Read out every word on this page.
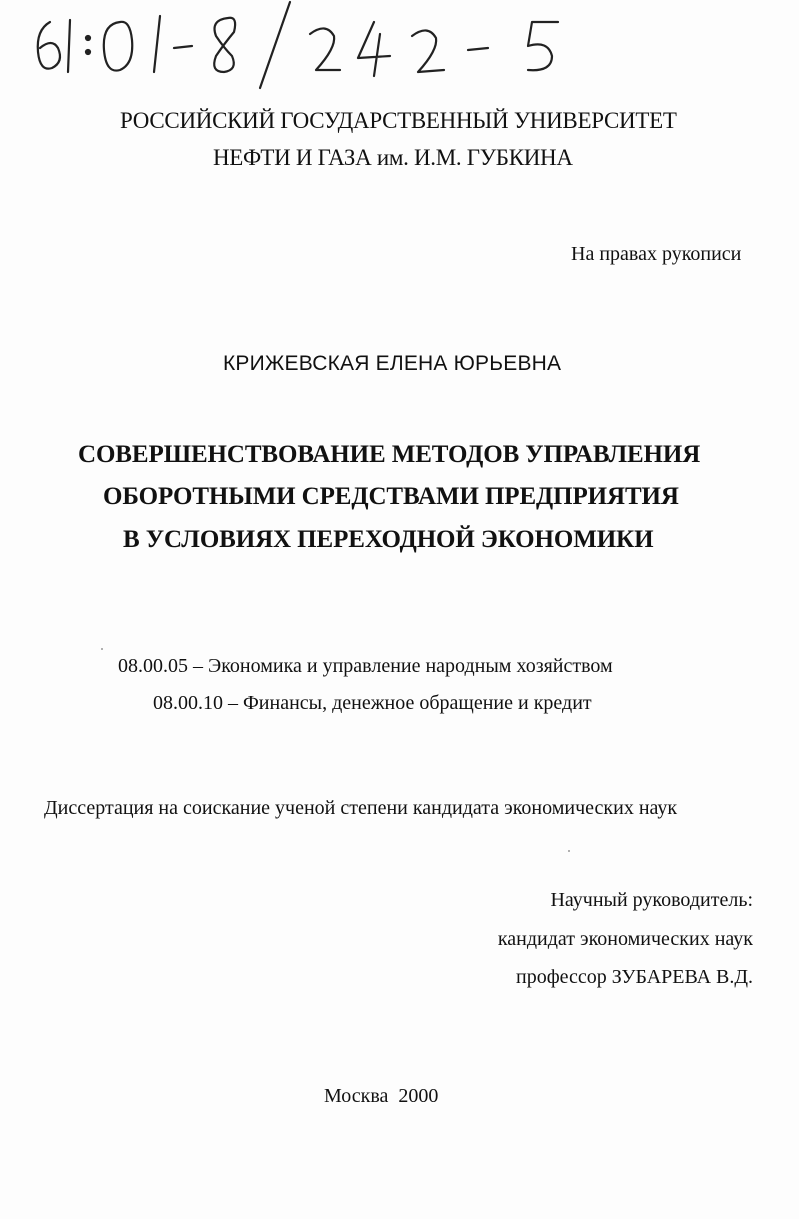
РОССИЙСКИЙ ГОСУДАРСТВЕННЫЙ УНИВЕРСИТЕТ
НЕФТИ И ГАЗА им. И.М. ГУБКИНА
На правах рукописи
КРИЖЕВСКАЯ ЕЛЕНА ЮРЬЕВНА
СОВЕРШЕНСТВОВАНИЕ МЕТОДОВ УПРАВЛЕНИЯ
ОБОРОТНЫМИ СРЕДСТВАМИ ПРЕДПРИЯТИЯ
В УСЛОВИЯХ ПЕРЕХОДНОЙ ЭКОНОМИКИ
08.00.05 – Экономика и управление народным хозяйством
08.00.10 – Финансы, денежное обращение и кредит
Диссертация на соискание ученой степени кандидата экономических наук
Научный руководитель:
кандидат экономических наук
профессор ЗУБАРЕВА В.Д.
Москва  2000
